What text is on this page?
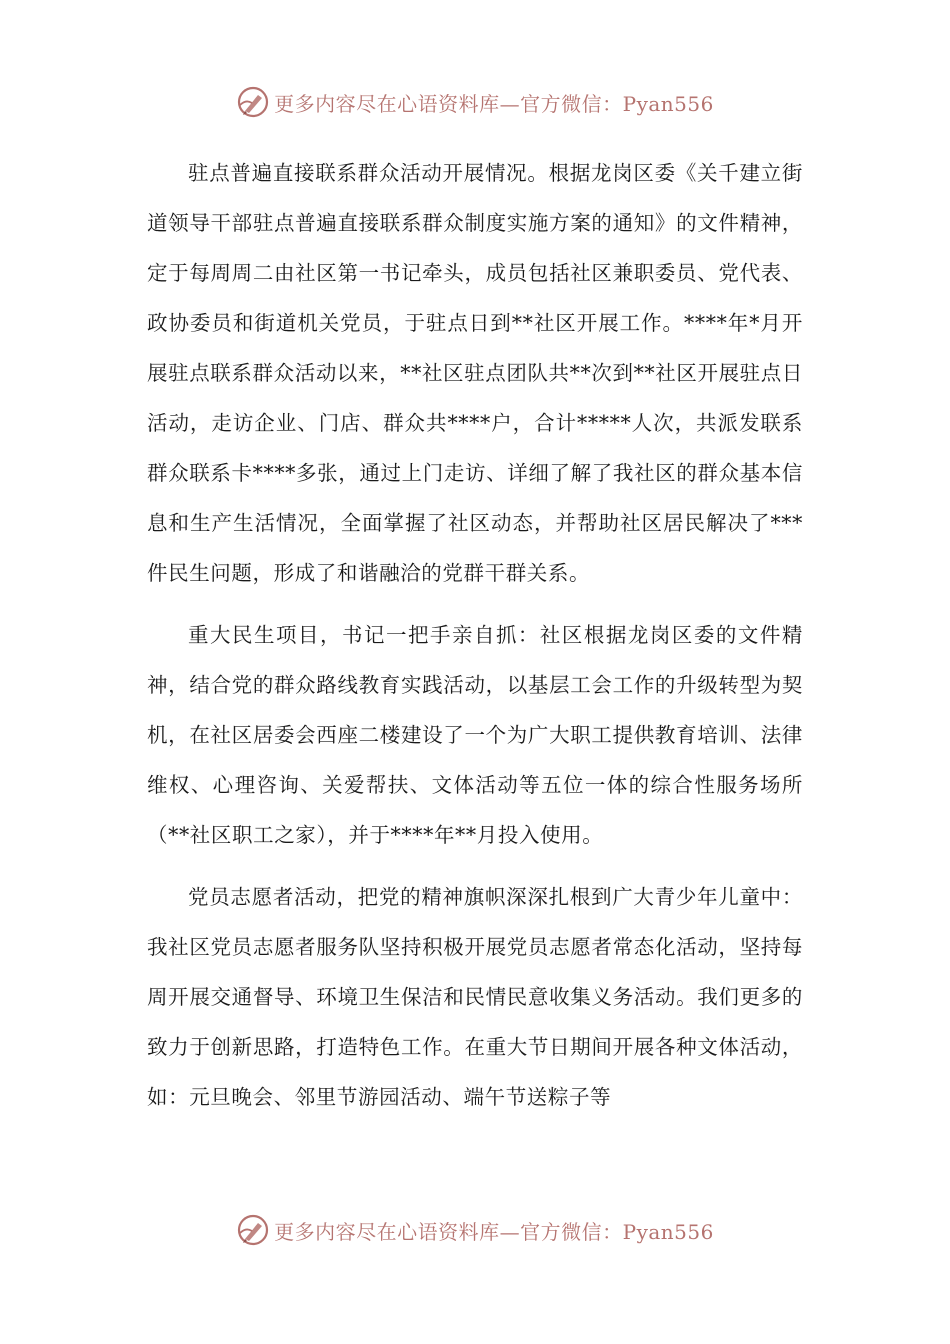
更多内容尽在心语资料库—官方微信：Pyan556

驻点普遍直接联系群众活动开展情况。根据龙岗区委《关千建立街道领导干部驻点普遍直接联系群众制度实施方案的通知》的文件精神，定于每周周二由社区第一书记牵头，成员包括社区兼职委员、党代表、政协委员和街道机关党员，于驻点日到**社区开展工作。****年*月开展驻点联系群众活动以来，**社区驻点团队共**次到**社区开展驻点日活动，走访企业、门店、群众共****户，合计*****人次，共派发联系群众联系卡****多张，通过上门走访、详细了解了我社区的群众基本信息和生产生活情况，全面掌握了社区动态，并帮助社区居民解决了***件民生问题，形成了和谐融洽的党群干群关系。

重大民生项目，书记一把手亲自抓：社区根据龙岗区委的文件精神，结合党的群众路线教育实践活动，以基层工会工作的升级转型为契机，在社区居委会西座二楼建设了一个为广大职工提供教育培训、法律维权、心理咨询、关爱帮扶、文体活动等五位一体的综合性服务场所（**社区职工之家），并于****年**月投入使用。

党员志愿者活动，把党的精神旗帜深深扎根到广大青少年儿童中：我社区党员志愿者服务队坚持积极开展党员志愿者常态化活动，坚持每周开展交通督导、环境卫生保洁和民情民意收集义务活动。我们更多的致力于创新思路，打造特色工作。在重大节日期间开展各种文体活动，如：元旦晚会、邻里节游园活动、端午节送粽子等

更多内容尽在心语资料库—官方微信：Pyan556
